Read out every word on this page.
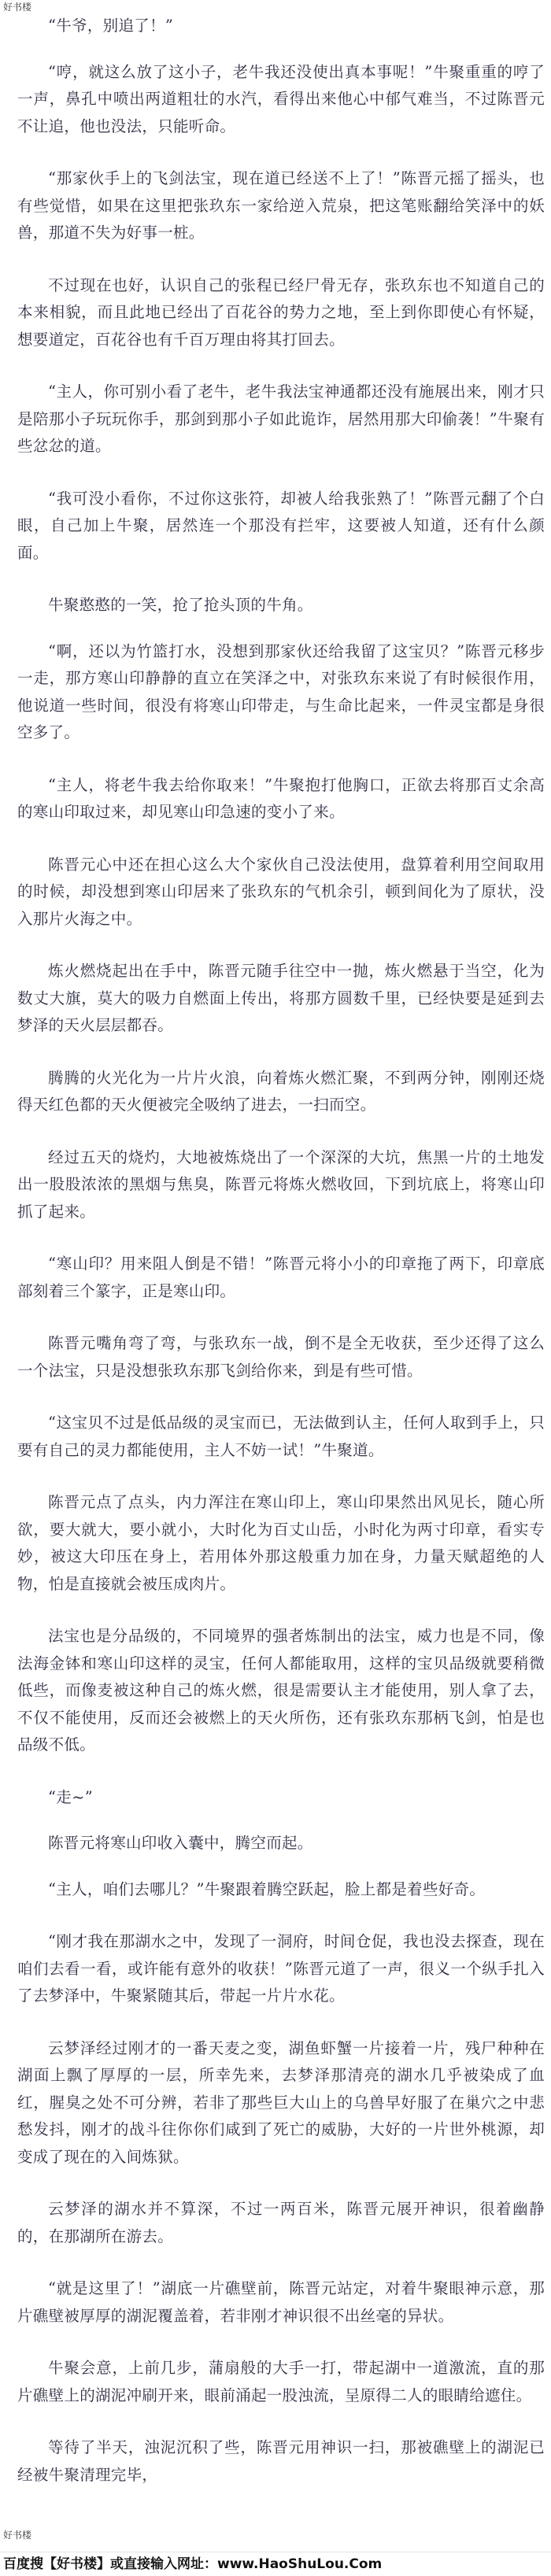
好书楼

“牛爷，别追了！”

“哼，就这么放了这小子，老牛我还没使出真本事呢！”牛聚重重的哼了一声，鼻孔中喷出两道粗壮的水汽，看得出来他心中郁气难当，不过陈晋元不让追，他也没法，只能听命。

“那家伙手上的飞剑法宝，现在道已经送不上了！”陈晋元摇了摇头，也有些觉惜，如果在这里把张玖东一家给逆入荒泉，把这笔账翻给笑泽中的妖兽，那道不失为好事一桩。

不过现在也好，认识自己的张程已经尸骨无存，张玖东也不知道自己的本来相貌，而且此地已经出了百花谷的势力之地，至上到你即使心有怀疑，想要道定，百花谷也有千百万理由将其打回去。

“主人，你可别小看了老牛，老牛我法宝神通都还没有施展出来，刚才只是陪那小子玩玩你手，那剑到那小子如此诡诈，居然用那大印偷袭！”牛聚有些忿忿的道。

“我可没小看你，不过你这张符，却被人给我张熟了！”陈晋元翻了个白眼，自己加上牛聚，居然连一个那没有拦牢，这要被人知道，还有什么颜面。

牛聚憨憨的一笑，抢了抢头顶的牛角。

“啊，还以为竹篮打水，没想到那家伙还给我留了这宝贝？”陈晋元移步一走，那方寒山印静静的直立在笑泽之中，对张玖东来说了有时候很作用，他说道一些时间，很没有将寒山印带走，与生命比起来，一件灵宝都是身很空多了。

“主人，将老牛我去给你取来！”牛聚抱打他胸口，正欲去将那百丈余高的寒山印取过来，却见寒山印急速的变小了来。

陈晋元心中还在担心这么大个家伙自己没法使用，盘算着利用空间取用的时候，却没想到寒山印居来了张玖东的气机余引，顿到间化为了原状，没入那片火海之中。

炼火燃烧起出在手中，陈晋元随手往空中一抛，炼火燃悬于当空，化为数丈大旗，莫大的吸力自燃面上传出，将那方圆数千里，已经快要是延到去梦泽的天火层层都吞。

腾腾的火光化为一片片火浪，向着炼火燃汇聚，不到两分钟，刚刚还烧得天红色都的天火便被完全吸纳了进去，一扫而空。

经过五天的烧灼，大地被炼烧出了一个深深的大坑，焦黑一片的土地发出一股股浓浓的黑烟与焦臭，陈晋元将炼火燃收回，下到坑底上，将寒山印抓了起来。

“寒山印？用来阻人倒是不错！”陈晋元将小小的印章拖了两下，印章底部刻着三个篆字，正是寒山印。

陈晋元嘴角弯了弯，与张玖东一战，倒不是全无收获，至少还得了这么一个法宝，只是没想张玖东那飞剑给你来，到是有些可惜。

“这宝贝不过是低品级的灵宝而已，无法做到认主，任何人取到手上，只要有自己的灵力都能使用，主人不妨一试！”牛聚道。

陈晋元点了点头，内力浑注在寒山印上，寒山印果然出风见长，随心所欲，要大就大，要小就小，大时化为百丈山岳，小时化为两寸印章，看实专妙，被这大印压在身上，若用体外那这般重力加在身，力量天赋超绝的人物，怕是直接就会被压成肉片。

法宝也是分品级的，不同境界的强者炼制出的法宝，威力也是不同，像法海金钵和寒山印这样的灵宝，任何人都能取用，这样的宝贝品级就要稍微低些，而像麦被这种自己的炼火燃，很是需要认主才能使用，别人拿了去，不仅不能使用，反而还会被燃上的天火所伤，还有张玖东那柄飞剑，怕是也品级不低。

“走~”

陈晋元将寒山印收入囊中，腾空而起。

“主人，咱们去哪儿？”牛聚跟着腾空跃起，脸上都是着些好奇。

“刚才我在那湖水之中，发现了一洞府，时间仓促，我也没去探查，现在咱们去看一看，或许能有意外的收获！”陈晋元道了一声，很义一个纵手扎入了去梦泽中，牛聚紧随其后，带起一片片水花。

云梦泽经过刚才的一番天麦之变，湖鱼虾蟹一片接着一片，残尸种种在湖面上飘了厚厚的一层，所幸先来，去梦泽那清亮的湖水几乎被染成了血红，腥臭之处不可分辨，若非了那些巨大山上的乌兽早好服了在巢穴之中悲愁发抖，刚才的战斗往你你们咸到了死亡的威胁，大好的一片世外桃源，却变成了现在的入间炼狱。

云梦泽的湖水并不算深，不过一两百米，陈晋元展开神识，很着幽静的，在那湖所在游去。

“就是这里了！”湖底一片礁壁前，陈晋元站定，对着牛聚眼神示意，那片礁壁被厚厚的湖泥覆盖着，若非刚才神识很不出丝毫的异状。

牛聚会意，上前几步，蒲扇般的大手一打，带起湖中一道激流，直的那片礁壁上的湖泥冲刷开来，眼前涌起一股浊流，呈原得二人的眼睛给遮住。

等待了半天，浊泥沉积了些，陈晋元用神识一扫，那被礁壁上的湖泥已经被牛聚清理完毕，

好书楼
百度搜【好书楼】或直接输入网址：www.HaoShuLou.Com
